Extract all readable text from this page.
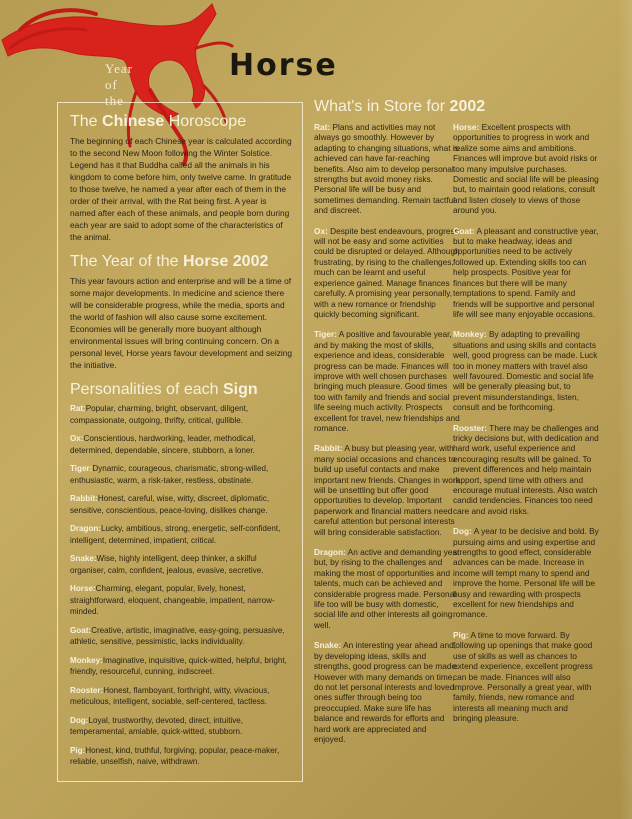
Year of the
Horse
The Chinese Horoscope

The beginning of each Chinese year is calculated according to the second New Moon following the Winter Solstice. Legend has it that Buddha called all the animals in his kingdom to come before him, only twelve came. In gratitude to those twelve, he named a year after each of them in the order of their arrival, with the Rat being first. A year is named after each of these animals, and people born during each year are said to adopt some of the characteristics of the animal.

The Year of the Horse 2002

This year favours action and enterprise and will be a time of some major developments. In medicine and science there will be considerable progress, while the media, sports and the world of fashion will also cause some excitement. Economies will be generally more buoyant although environmental issues will bring continuing concern. On a personal level, Horse years favour development and seizing the initiative.

Personalities of each Sign

Rat:Popular, charming, bright, observant, diligent, compassionate, outgoing, thrifty, critical, gullible.

Ox:Conscientious, hardworking, leader, methodical, determined, dependable, sincere, stubborn, a loner.

Tiger:Dynamic, courageous, charismatic, strong-willed, enthusiastic, warm, a risk-taker, restless, obstinate.

Rabbit:Honest, careful, wise, witty, discreet, diplomatic, sensitive, conscientious, peace-loving, dislikes change.

Dragon:Lucky, ambitious, strong, energetic, self-confident, intelligent, determined, impatient, critical.

Snake:Wise, highly intelligent, deep thinker, a skilful organiser, calm, confident, jealous, evasive, secretive.

Horse:Charming, elegant, popular, lively, honest, straightforward, eloquent, changeable, impatient, narrow-minded.

Goat:Creative, artistic, imaginative, easy-going, persuasive, athletic, sensitive, pessimistic, lacks individuality.

Monkey:Imaginative, inquisitive, quick-witted, helpful, bright, friendly, resourceful, cunning, indiscreet.

Rooster:Honest, flamboyant, forthright, witty, vivacious, meticulous, intelligent, sociable, self-centered, tactless.

Dog:Loyal, trustworthy, devoted, direct, intuitive, temperamental, amiable, quick-witted, stubborn.

Pig:Honest, kind, truthful, forgiving, popular, peace-maker, reliable, unselfish, naive, withdrawn.

What's in Store for 2002

Rat: Plans and activities may not always go smoothly. However by adapting to changing situations, what is achieved can have far-reaching benefits. Also aim to develop personal strengths but avoid money risks. Personal life will be busy and sometimes demanding. Remain tactful and discreet.

Ox: Despite best endeavours, progress will not be easy and some activities could be disrupted or delayed. Although frustrating, by rising to the challenges, much can be learnt and useful experience gained. Manage finances carefully. A promising year personally, with a new romance or friendship quickly becoming significant.

Tiger: A positive and favourable year, and by making the most of skills, experience and ideas, considerable progress can be made. Finances will improve with well chosen purchases bringing much pleasure. Good times too with family and friends and social life seeing much activity. Prospects excellent for travel, new friendships and romance.

Rabbit: A busy but pleasing year, with many social occasions and chances to build up useful contacts and make important new friends. Changes in work will be unsettling but offer good opportunities to develop. Important paperwork and financial matters need careful attention but personal interests will bring considerable satisfaction.

Dragon: An active and demanding year but, by rising to the challenges and making the most of opportunities and talents, much can be achieved and considerable progress made. Personal life too will be busy with domestic, social life and other interests all going well.

Snake: An interesting year ahead and, by developing ideas, skills and strengths, good progress can be made. However with many demands on time, do not let personal interests and loved ones suffer through being too preoccupied. Make sure life has balance and rewards for efforts and hard work are appreciated and enjoyed.

Horse: Excellent prospects with opportunities to progress in work and realize some aims and ambitions. Finances will improve but avoid risks or too many impulsive purchases. Domestic and social life will be pleasing but, to maintain good relations, consult and listen closely to views of those around you.

Goat: A pleasant and constructive year, but to make headway, ideas and opportunities need to be actively followed up. Extending skills too can help prospects. Positive year for finances but there will be many temptations to spend. Family and friends will be supportive and personal life will see many enjoyable occasions.

Monkey: By adapting to prevailing situations and using skills and contacts well, good progress can be made. Luck too in money matters with travel also well favoured. Domestic and social life will be generally pleasing but, to prevent misunderstandings, listen, consult and be forthcoming.

Rooster: There may be challenges and tricky decisions but, with dedication and hard work, useful experience and encouraging results will be gained. To prevent differences and help maintain rapport, spend time with others and encourage mutual interests. Also watch candid tendencies. Finances too need care and avoid risks.

Dog: A year to be decisive and bold. By pursuing aims and using expertise and strengths to good effect, considerable advances can be made. Increase in income will tempt many to spend and improve the home. Personal life will be busy and rewarding with prospects excellent for new friendships and romance.

Pig: A time to move forward. By following up openings that make good use of skills as well as chances to extend experience, excellent progress can be made. Finances will also improve. Personally a great year, with family, friends, new romance and interests all meaning much and bringing pleasure.
